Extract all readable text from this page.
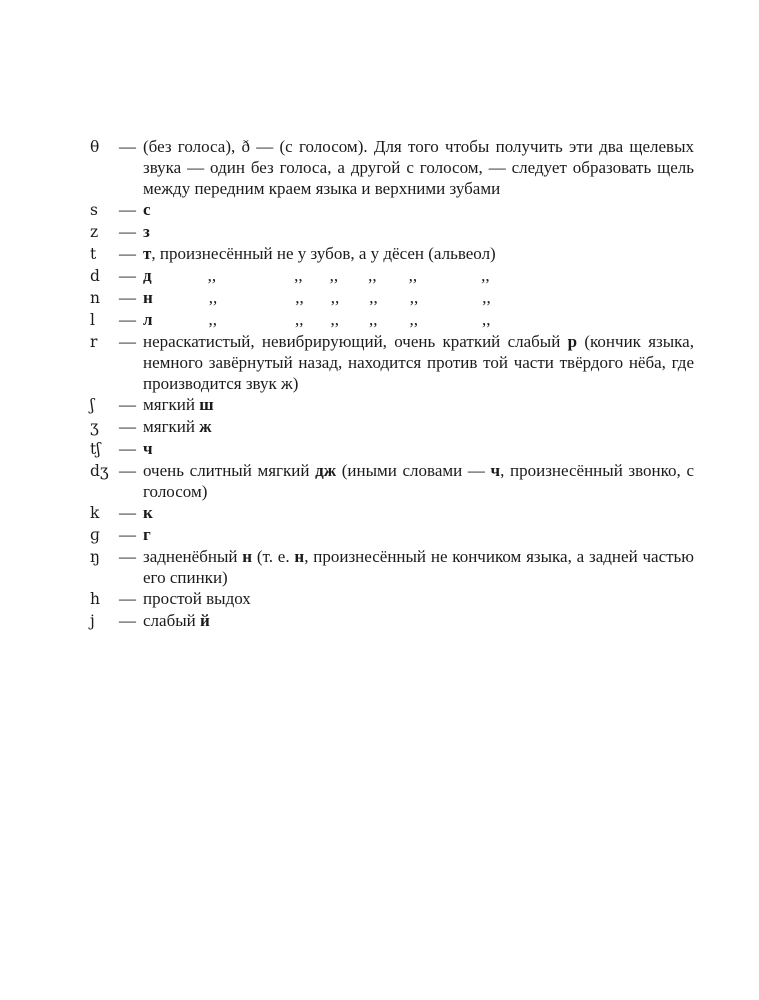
θ	— (без голоса), ð — (с голосом). Для того чтобы получить эти два щелевых звука — один без голоса, а другой с голосом, — следует образовать щель между передним краем языка и верхними зубами
s	— с
z	— з
t	— т, произнесённый не у зубов, а у дёсен (альвеол)
d	— д	,,	,, ,, ,, ,,	,,
n	— н	,,	,, ,, ,, ,,	,,
l	— л	,,	,, ,, ,, ,,	,,
r	— нераскатистый, невибрирующий, очень краткий слабый р (кончик языка, немного завёрнутый назад, находится против той части твёрдого нёба, где производится звук ж)
ʃ	— мягкий ш
ʒ	— мягкий ж
tʃ	— ч
dʒ — очень слитный мягкий дж (иными словами — ч, произнесённый звонко, с голосом)
k	— к
ɡ	— г
ŋ	— задненёбный н (т. е. н, произнесённый не кончиком языка, а задней частью его спинки)
h	— простой выдох
j	— слабый й
